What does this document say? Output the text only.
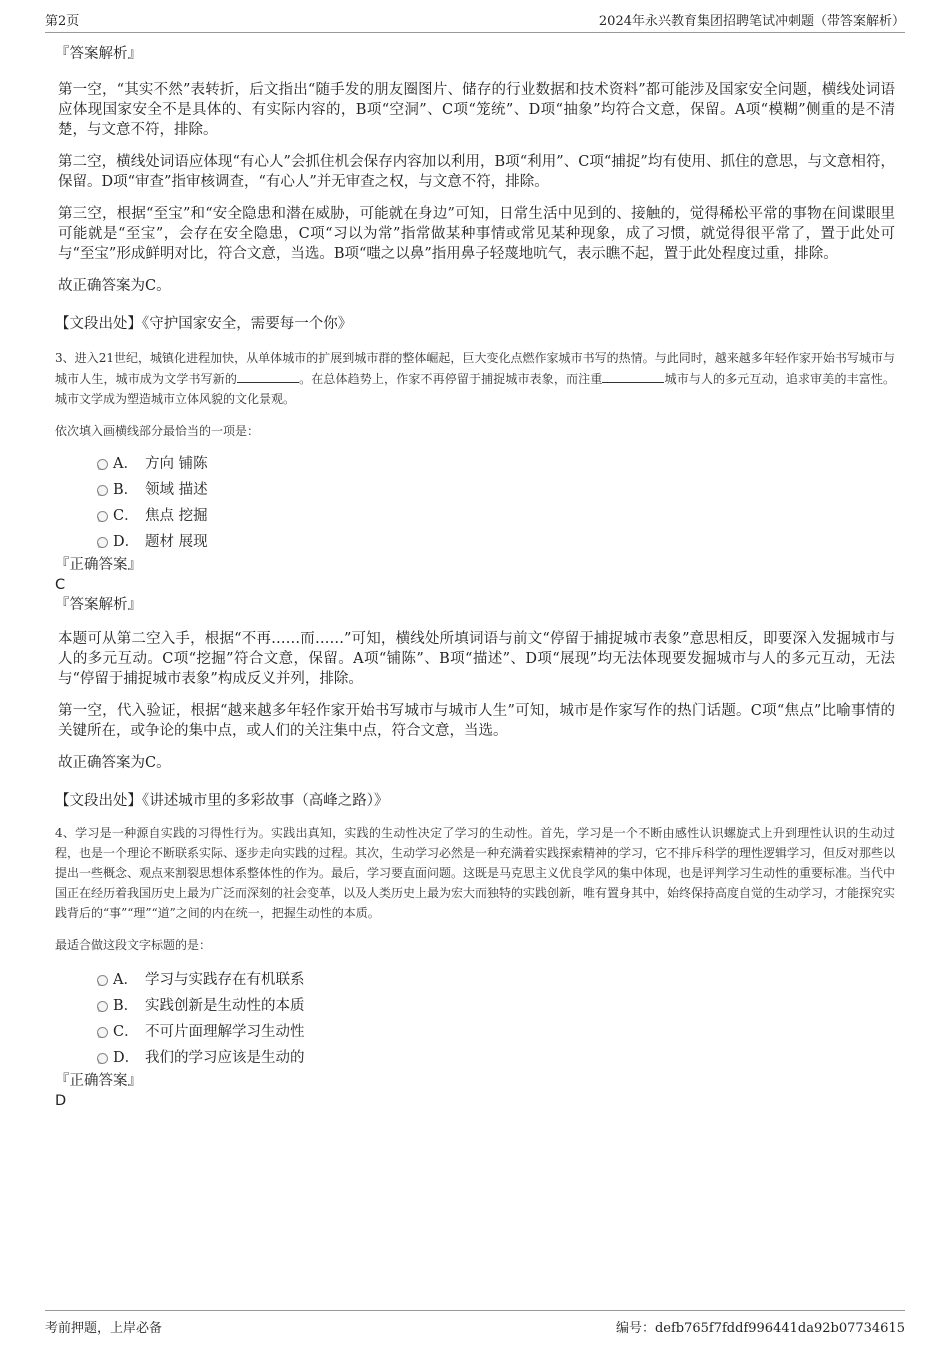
第2页	2024年永兴教育集团招聘笔试冲刺题（带答案解析）

『答案解析』

第一空，“其实不然”表转折，后文指出“随手发的朋友圈图片、储存的行业数据和技术资料”都可能涉及国家安全问题，横线处词语应体现国家安全不是具体的、有实际内容的，B项“空洞”、C项“笼统”、D项“抽象”均符合文意，保留。A项“模糊”侧重的是不清楚，与文意不符，排除。

第二空，横线处词语应体现“有心人”会抓住机会保存内容加以利用，B项“利用”、C项“捕捉”均有使用、抓住的意思，与文意相符，保留。D项“审查”指审核调查，“有心人”并无审查之权，与文意不符，排除。

第三空，根据“至宝”和“安全隐患和潜在威胁，可能就在身边”可知，日常生活中见到的、接触的，觉得稀松平常的事物在间谍眼里可能就是“至宝”，会存在安全隐患，C项“习以为常”指常做某种事情或常见某种现象，成了习惯，就觉得很平常了，置于此处可与“至宝”形成鲜明对比，符合文意，当选。B项“嗤之以鼻”指用鼻子轻蔑地吭气，表示瞧不起，置于此处程度过重，排除。

故正确答案为C。

【文段出处】《守护国家安全，需要每一个你》

3、进入21世纪，城镇化进程加快，从单体城市的扩展到城市群的整体崛起，巨大变化点燃作家城市书写的热情。与此同时，越来越多年轻作家开始书写城市与城市人生，城市成为文学书写新的	。在总体趋势上，作家不再停留于捕捉城市表象，而注重	城市与人的多元互动，追求审美的丰富性。城市文学成为塑造城市立体风貌的文化景观。

依次填入画横线部分最恰当的一项是：

A． 方向 铺陈
B． 领域 描述
C． 焦点 挖掘
D． 题材 展现

『正确答案』

C

『答案解析』

本题可从第二空入手，根据“不再……而……”可知，横线处所填词语与前文“停留于捕捉城市表象”意思相反，即要深入发掘城市与人的多元互动。C项“挖掘”符合文意，保留。A项“铺陈”、B项“描述”、D项“展现”均无法体现要发掘城市与人的多元互动，无法与“停留于捕捉城市表象”构成反义并列，排除。

第一空，代入验证，根据“越来越多年轻作家开始书写城市与城市人生”可知，城市是作家写作的热门话题。C项“焦点”比喻事情的关键所在，或争论的集中点，或人们的关注集中点，符合文意，当选。

故正确答案为C。

【文段出处】《讲述城市里的多彩故事（高峰之路）》

4、学习是一种源自实践的习得性行为。实践出真知，实践的生动性决定了学习的生动性。首先，学习是一个不断由感性认识螺旋式上升到理性认识的生动过程，也是一个理论不断联系实际、逐步走向实践的过程。其次，生动学习必然是一种充满着实践探索精神的学习，它不排斥科学的理性逻辑学习，但反对那些以提出一些概念、观点来割裂思想体系整体性的作为。最后，学习要直面问题。这既是马克思主义优良学风的集中体现，也是评判学习生动性的重要标准。当代中国正在经历着我国历史上最为广泛而深刻的社会变革，以及人类历史上最为宏大而独特的实践创新，唯有置身其中，始终保持高度自觉的生动学习，才能探究实践背后的“事”“理”“道”之间的内在统一，把握生动性的本质。

最适合做这段文字标题的是：

A． 学习与实践存在有机联系
B． 实践创新是生动性的本质
C． 不可片面理解学习生动性
D． 我们的学习应该是生动的

『正确答案』

D

考前押题，上岸必备	编号：defb765f7fddf996441da92b07734615
